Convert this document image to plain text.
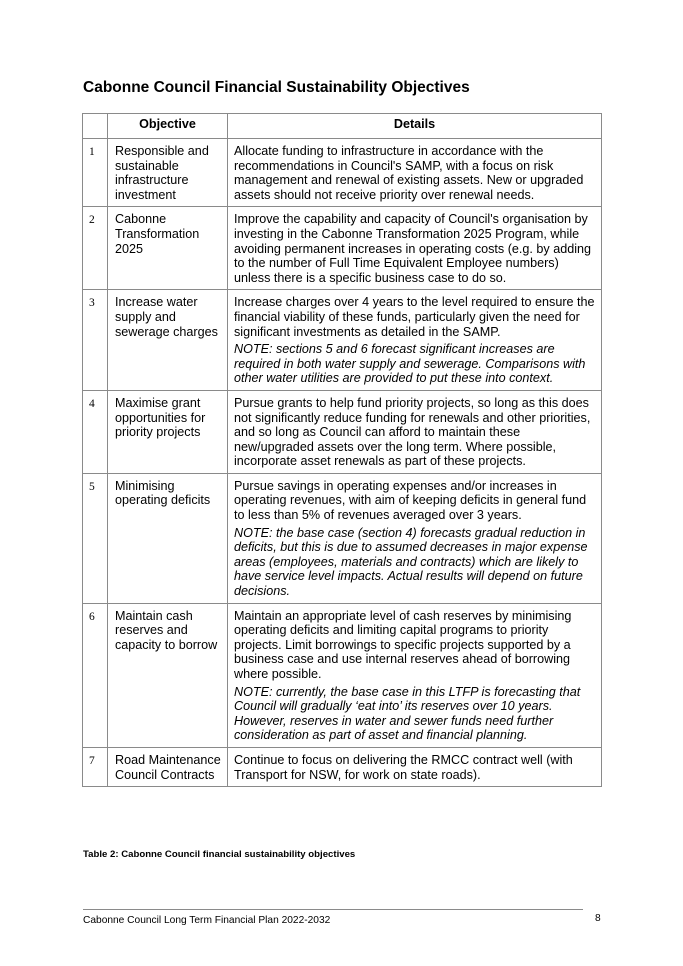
Cabonne Council Financial Sustainability Objectives
	Objective	Details
1	Responsible and sustainable infrastructure investment	Allocate funding to infrastructure in accordance with the recommendations in Council's SAMP, with a focus on risk management and renewal of existing assets. New or upgraded assets should not receive priority over renewal needs.

2	Cabonne Transformation 2025	Improve the capability and capacity of Council's organisation by investing in the Cabonne Transformation 2025 Program, while avoiding permanent increases in operating costs (e.g. by adding to the number of Full Time Equivalent Employee numbers) unless there is a specific business case to do so.

3	Increase water supply and sewerage charges	Increase charges over 4 years to the level required to ensure the financial viability of these funds, particularly given the need for significant investments as detailed in the SAMP.

NOTE: sections 5 and 6 forecast significant increases are required in both water supply and sewerage. Comparisons with other water utilities are provided to put these into context.

4	Maximise grant opportunities for priority projects	Pursue grants to help fund priority projects, so long as this does not significantly reduce funding for renewals and other priorities, and so long as Council can afford to maintain these new/upgraded assets over the long term. Where possible, incorporate asset renewals as part of these projects.

5	Minimising operating deficits	Pursue savings in operating expenses and/or increases in operating revenues, with aim of keeping deficits in general fund to less than 5% of revenues averaged over 3 years.

NOTE: the base case (section 4) forecasts gradual reduction in deficits, but this is due to assumed decreases in major expense areas (employees, materials and contracts) which are likely to have service level impacts. Actual results will depend on future decisions.

6	Maintain cash reserves and capacity to borrow	Maintain an appropriate level of cash reserves by minimising operating deficits and limiting capital programs to priority projects. Limit borrowings to specific projects supported by a business case and use internal reserves ahead of borrowing where possible.

NOTE: currently, the base case in this LTFP is forecasting that Council will gradually ‘eat into’ its reserves over 10 years. However, reserves in water and sewer funds need further consideration as part of asset and financial planning.

7	Road Maintenance Council Contracts	Continue to focus on delivering the RMCC contract well (with Transport for NSW, for work on state roads).

Table 2: Cabonne Council financial sustainability objectives

Cabonne Council Long Term Financial Plan 2022-2032	8
